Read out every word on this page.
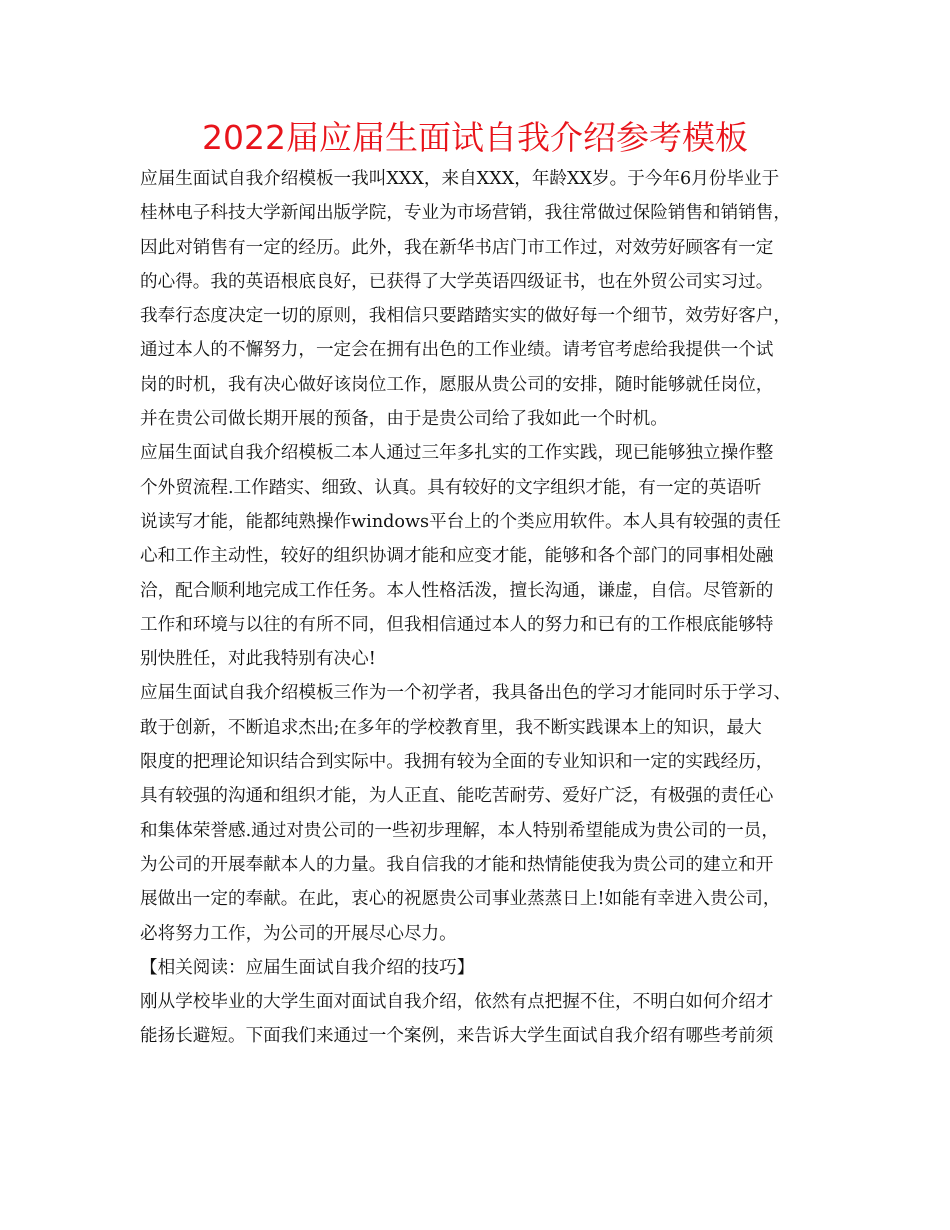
2022届应届生面试自我介绍参考模板
应届生面试自我介绍模板一我叫XXX，来自XXX，年龄XX岁。于今年6月份毕业于
桂林电子科技大学新闻出版学院，专业为市场营销，我往常做过保险销售和销销售，
因此对销售有一定的经历。此外，我在新华书店门市工作过，对效劳好顾客有一定
的心得。我的英语根底良好，已获得了大学英语四级证书，也在外贸公司实习过。
我奉行态度决定一切的原则，我相信只要踏踏实实的做好每一个细节，效劳好客户，
通过本人的不懈努力，一定会在拥有出色的工作业绩。请考官考虑给我提供一个试
岗的时机，我有决心做好该岗位工作，愿服从贵公司的安排，随时能够就任岗位，
并在贵公司做长期开展的预备，由于是贵公司给了我如此一个时机。
应届生面试自我介绍模板二本人通过三年多扎实的工作实践，现已能够独立操作整
个外贸流程.工作踏实、细致、认真。具有较好的文字组织才能，有一定的英语听
说读写才能，能都纯熟操作windows平台上的个类应用软件。本人具有较强的责任
心和工作主动性，较好的组织协调才能和应变才能，能够和各个部门的同事相处融
洽，配合顺利地完成工作任务。本人性格活泼，擅长沟通，谦虚，自信。尽管新的
工作和环境与以往的有所不同，但我相信通过本人的努力和已有的工作根底能够特
别快胜任，对此我特别有决心!
应届生面试自我介绍模板三作为一个初学者，我具备出色的学习才能同时乐于学习、
敢于创新，不断追求杰出;在多年的学校教育里，我不断实践课本上的知识，最大
限度的把理论知识结合到实际中。我拥有较为全面的专业知识和一定的实践经历，
具有较强的沟通和组织才能，为人正直、能吃苦耐劳、爱好广泛，有极强的责任心
和集体荣誉感.通过对贵公司的一些初步理解，本人特别希望能成为贵公司的一员，
为公司的开展奉献本人的力量。我自信我的才能和热情能使我为贵公司的建立和开
展做出一定的奉献。在此，衷心的祝愿贵公司事业蒸蒸日上!如能有幸进入贵公司，
必将努力工作，为公司的开展尽心尽力。
【相关阅读：应届生面试自我介绍的技巧】
刚从学校毕业的大学生面对面试自我介绍，依然有点把握不住，不明白如何介绍才
能扬长避短。下面我们来通过一个案例，来告诉大学生面试自我介绍有哪些考前须
